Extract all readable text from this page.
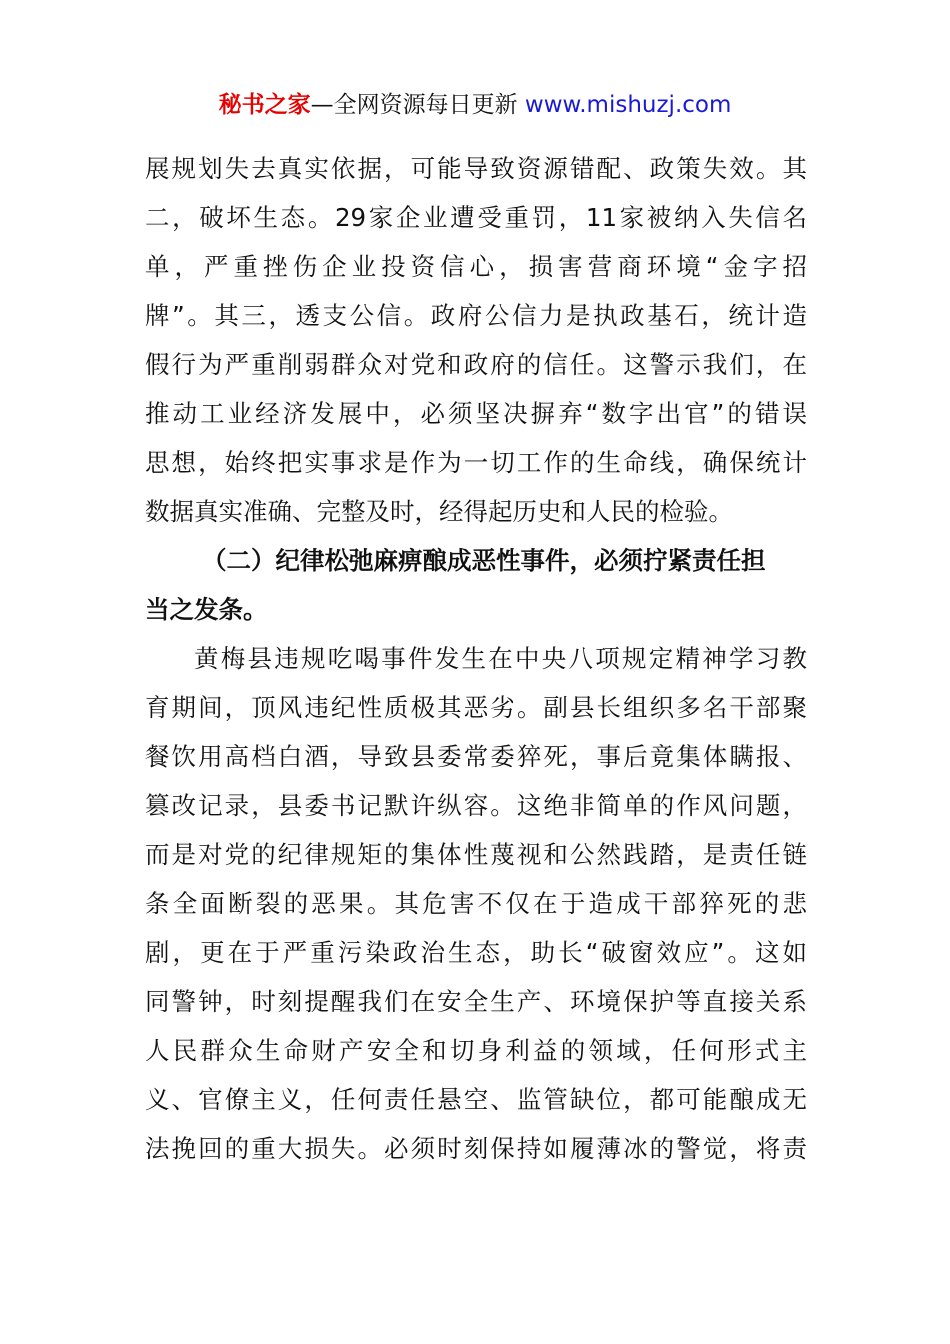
秘书之家—全网资源每日更新 www.mishuzj.com
展规划失去真实依据，可能导致资源错配、政策失效。其
二，破坏生态。29家企业遭受重罚，11家被纳入失信名
单，严重挫伤企业投资信心，损害营商环境“金字招
牌”。其三，透支公信。政府公信力是执政基石，统计造
假行为严重削弱群众对党和政府的信任。这警示我们，在
推动工业经济发展中，必须坚决摒弃“数字出官”的错误
思想，始终把实事求是作为一切工作的生命线，确保统计
数据真实准确、完整及时，经得起历史和人民的检验。
（二）纪律松弛麻痹酿成恶性事件，必须拧紧责任担
当之发条。
黄梅县违规吃喝事件发生在中央八项规定精神学习教
育期间，顶风违纪性质极其恶劣。副县长组织多名干部聚
餐饮用高档白酒，导致县委常委猝死，事后竟集体瞒报、
篡改记录，县委书记默许纵容。这绝非简单的作风问题，
而是对党的纪律规矩的集体性蔑视和公然践踏，是责任链
条全面断裂的恶果。其危害不仅在于造成干部猝死的悲
剧，更在于严重污染政治生态，助长“破窗效应”。这如
同警钟，时刻提醒我们在安全生产、环境保护等直接关系
人民群众生命财产安全和切身利益的领域，任何形式主
义、官僚主义，任何责任悬空、监管缺位，都可能酿成无
法挽回的重大损失。必须时刻保持如履薄冰的警觉，将责
